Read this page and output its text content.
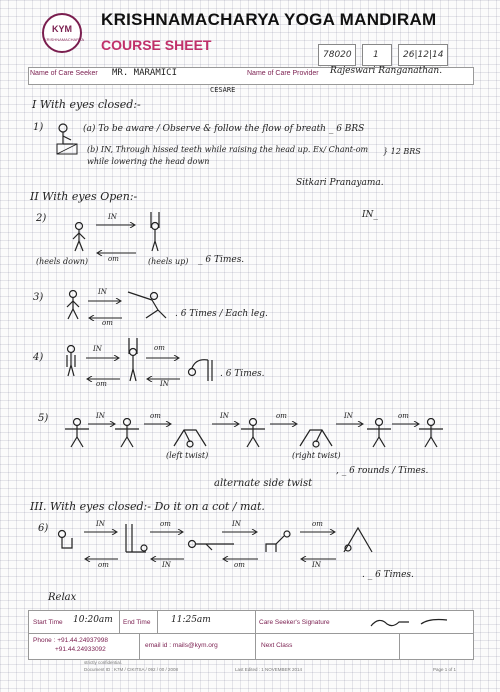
KYM
KRISHNAMACHARYA
KRISHNAMACHARYA YOGA MANDIRAM
COURSE SHEET
78020 1	26|12|14
Name of Care Seeker MR. MARAMICI	Name of Care Provider Rajeswari Ranganathan.
CESARE
I With eyes closed:-
1)	(a) To be aware / Observe & follow the flow of breath _ 6 BRS
(b) IN, Through hissed teeth while raising the head up. Ex/ Chant-om while lowering the head down
} 12 BRS
Sitkari Pranayama.
II With eyes Open:-
IN_
2)	IN
om
(heels down)	(heels up) _ 6 Times.
3)	IN
om
. 6 Times / Each leg.
4)
IN
om
om
IN
. 6 Times.
5)	IN	om	IN	om	IN	om
(left twist)	(right twist)
alternate side twist
, _ 6 rounds / Times.
III. With eyes closed:- Do it on a cot / mat.
6)	IN
om
om
IN
IN
om
om
IN
. _ 6 Times.
Relax
Start Time 10:20am End Time 11:25am	Care Seeker's Signature
Phone : +91.44.24937998
+91.44.24933092
email id : mails@kym.org	Next Class
strictly confidential.
Document ID : K7M / CIKITSA / 092 / 00 / 2008	Last Edited : 1 NOVEMBER 2014	Page 1 of 1
